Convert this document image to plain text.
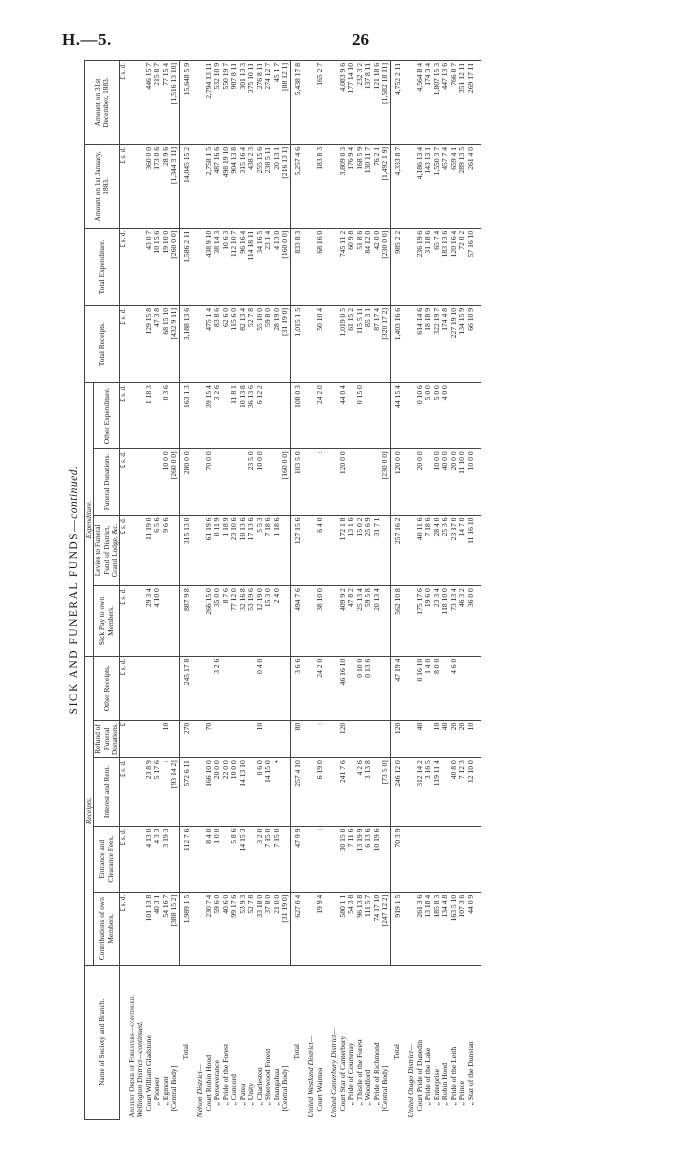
H.—5.	26
SICK AND FUNERAL FUNDS—continued.
Name of Society and Branch.	Receipts.					Expenditure.				Total Receipts.	Total Expenditure.	Amount on 1st January, 1883.	Amount on 31st December, 1883.
	Contributions of own Members.	Entrance and Clearance Fees.	Interest and Rent.	Refund of Funeral Donations.	Other Receipts.	Sick Pay to own Members.	Levies to Funeral Fund of District, Grand Lodge, &c.	Funeral Donations.	Other Expenditure.				
	£ s. d.	£ s. d.	£ s. d.	£	£ s. d.	£ s. d.	£ s. d.	£ s. d.	£ s. d.	£ s. d.	£ s. d.	£ s. d.	£ s. d.
Ancient Order of Foresters—continued.													
Wellington District—continued.													
Court William Gladstone	101 13 8	4 13 0	23 8 9			29 3 4	11 19 0		1 18 3	129 15 8	43 0 7	360 0 0	446 15 7
„ Pioneer	40 3 1	4 3 3	5 17 6			4 10 0	6 5 6			47 3 8	10 15 6	173 0 6	215 8 7
„ Egmont	54 16 7	3 19 3	:	10			9 6 6	10 0 0	0 3 6	68 15 10	19 10 0	28 9 6	77 15 4
[Central Body]	[388 15 2]		[93 14 2]					[260 0 0]		[432 9 11]	[260 0 0]	[1,344 3 11]	[1,516 13 10]
Total	1,989 1 5	112 7 6	572 6 11	270	245 17 8	887 9 8	315 13 0	280 0 0	163 1 3	3,188 13 6	1,586 2 11	14,045 15 2	15,648 5 9
Nelson District—													
Court Robin Hood	230 7 4	8 4 0	166 10 0	70		266 15 0	61 19 6	70 0 0	39 15 4	475 1 4	438 9 10	2,758 1 5	2,794 13 11
„ Perseverance	59 6 0	1 0 0	20 0 0		3 2 6	35 0 0	0 11 9		3 2 6	83 8 6	38 14 3	487 16 6	532 10 9
„ Pride of the Forest	40 6 0		22 0 0			8 7 6	1 18 9			62 6 0	10 6 3	498 19 10	550 19 7
„ Concord	99 17 6	5 8 6	10 0 0			77 12 0	23 10 6		11 8 1	115 6 0	112 10 7	904 13 8	907 8 11
„ Patea	53 9 3	14 15 3	14 13 10			32 16 8	10 13 6		10 13 8	82 13 4	96 16 4	315 16 4	301 13 3
„ Unity	52 7 8					53 19 6	17 13 6	23 5 0	36 13 6	52 7 8	114 18 11	438 2 3	375 10 11
„ Charleston	33 18 0	3 2 0	0 6 0	10	0 4 0	12 19 0	5 5 3	10 0 0	6 12 2	55 10 0	34 16 5	255 15 6	276 8 11
„ Sherwood Forest	37 8 0	7 15 0	14 15 0			15 3 0	7 18 6			59 8 0	23 1 4	238 5 11	274 12 7
„ Inangahua	21 0 0	7 15 0	•			2 4 0	1 18 6			28 19 0	4 13 0	20 13 1	45 1 7
[Central Body]	[31 19 0]							[160 0 0]		[31 19 0]	[160 0 0]	[216 13 1]	[88 12 1]
Total	627 0 4	47 9 9	257 4 10	80	3 6 6	494 7 6	127 15 6	103 5 0	108 0 3	1,015 1 5	833 8 3	5,257 4 6	5,438 17 8
United Westland District—													
Court Waimea	19 9 4	:	6 19 0	:	24 2 0	38 10 0	6 4 0	:	24 2 0	50 10 4	68 16 0	183 8 3	165 2 7

United Canterbury District—													
Court Star of Canterbury	580 1 1	30 15 0	241 7 6	120	46 16 10	409 9 2	172 1 8	120 0 0	44 0 4	1,019 0 5	745 11 2	3,809 0 3	4,083 9 6
„ Pride of Courtenay	54 3 8	7 11 6				47 8 2	13 1 6			61 15 2	60 9 8	176 9 4	177 14 10
„ Thistle of the Forest	96 13 8	13 19 9	4 2 6		0 10 0	25 13 4	15 0 2		0 15 0	115 5 11	51 8 6	168 5 9	232 3 2
„ Woodford	111 5 7	6 13 6	3 13 8		0 13 6	59 5 8	25 6 9			85 3 1	84 12 0	130 11 7	137 8 11
„ Pride of Richmond	74 17 10	10 19 6				20 13 4	31 7 1			87 17 4	42 0 0	76 2 1	121 18 6
[Central Body]	[247 12 2]		[73 5 0]					[230 0 0]		[320 17 2]	[230 0 0]	[1,492 1 9]	[1,582 18 11]
Total	919 1 5	70 3 9	246 12 0	120	47 19 4	562 10 8	257 16 2	120 0 0	44 15 4	1,403 16 6	985 2 2	4,333 8 7	4,752 2 11
United Otago District—													
Court Pride of Dunedin	261 3 6		312 14 2	40	0 16 10	175 17 6	40 11 6	20 0 0	0 10 6	614 14 6	236 19 6	4,186 13 4	4,564 8 4
„ Pride of the Lake	13 18 4		3 16 5		1 4 0	19 6 0	7 18 6		5 0 0	18 18 9	31 18 6	143 13 1	174 3 4
„ Enterprise	185 8 3		119 11 4	10	8 0 0	23 3 4	28 4 0	10 0 0	5 0 0	322 19 7	65 7 4	1,550 3 7	1,807 15 3
„ Robin Hood	134 4 8			40		118 10 0	25 3 6	40 0 0	4 0 0	174 4 8	183 13 6	457 7 4	447 13 6
„ Pride of the Leith	163 5 10		40 8 0	20	4 6 0	73 13 4	23 17 0	20 0 0		227 19 10	120 16 4	659 4 1	766 8 7
„ Prince	107 3 6		7 12 3	20		46 3 2	14 7 0	11 10 0		134 15 9	72 0 2	289 13 5	351 12 11
„ Star of the Dunstan	44 0 9		12 10 0	10		36 0 0	11 16 10	10 0 0		66 10 9	57 16 10	261 4 0	269 17 11
